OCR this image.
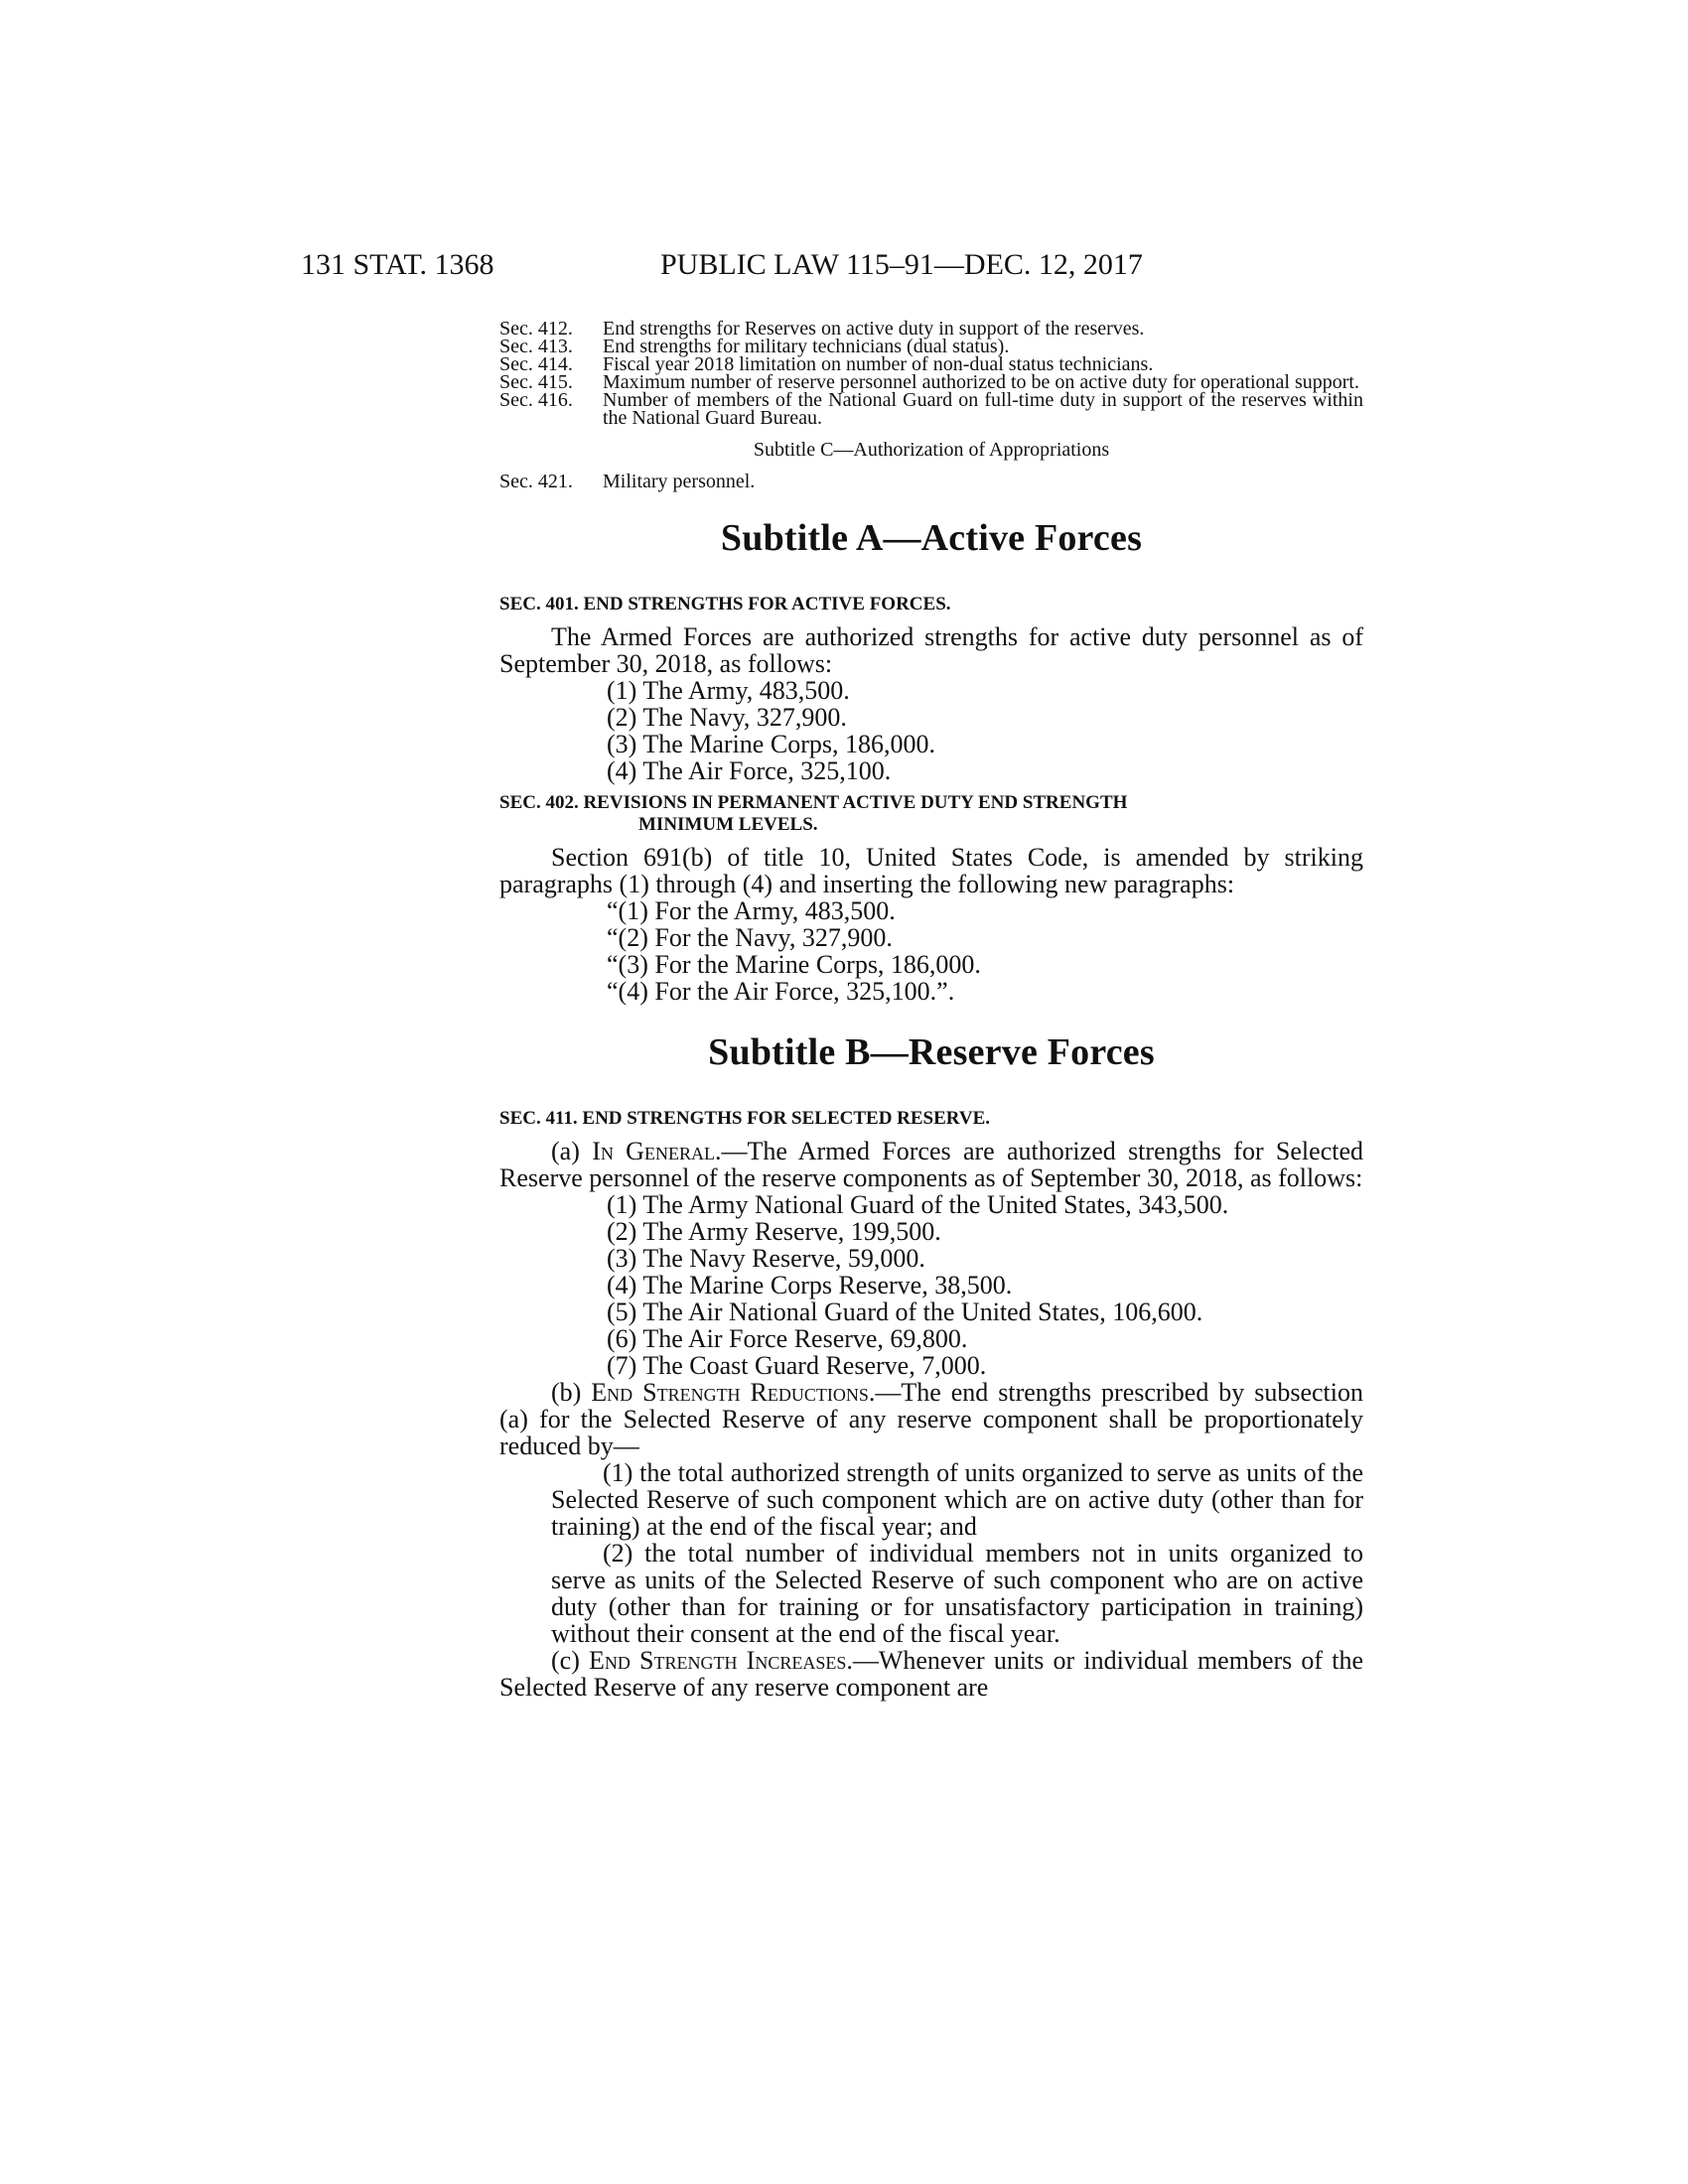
131 STAT. 1368	PUBLIC LAW 115–91—DEC. 12, 2017
Sec. 412.	End strengths for Reserves on active duty in support of the reserves.
Sec. 413.	End strengths for military technicians (dual status).
Sec. 414.	Fiscal year 2018 limitation on number of non-dual status technicians.
Sec. 415.	Maximum number of reserve personnel authorized to be on active duty for operational support.
Sec. 416.	Number of members of the National Guard on full-time duty in support of the reserves within the National Guard Bureau.
Subtitle C—Authorization of Appropriations
Sec. 421.	Military personnel.
Subtitle A—Active Forces
SEC. 401. END STRENGTHS FOR ACTIVE FORCES.
The Armed Forces are authorized strengths for active duty personnel as of September 30, 2018, as follows:
(1) The Army, 483,500.
(2) The Navy, 327,900.
(3) The Marine Corps, 186,000.
(4) The Air Force, 325,100.
SEC. 402. REVISIONS IN PERMANENT ACTIVE DUTY END STRENGTH
MINIMUM LEVELS.
Section 691(b) of title 10, United States Code, is amended by striking paragraphs (1) through (4) and inserting the following new paragraphs:
“(1) For the Army, 483,500.
“(2) For the Navy, 327,900.
“(3) For the Marine Corps, 186,000.
“(4) For the Air Force, 325,100.”.
Subtitle B—Reserve Forces
SEC. 411. END STRENGTHS FOR SELECTED RESERVE.
(a) In General.—The Armed Forces are authorized strengths for Selected Reserve personnel of the reserve components as of September 30, 2018, as follows:
(1) The Army National Guard of the United States, 343,500.
(2) The Army Reserve, 199,500.
(3) The Navy Reserve, 59,000.
(4) The Marine Corps Reserve, 38,500.
(5) The Air National Guard of the United States, 106,600.
(6) The Air Force Reserve, 69,800.
(7) The Coast Guard Reserve, 7,000.
(b) End Strength Reductions.—The end strengths prescribed by subsection (a) for the Selected Reserve of any reserve component shall be proportionately reduced by—
(1) the total authorized strength of units organized to serve as units of the Selected Reserve of such component which are on active duty (other than for training) at the end of the fiscal year; and
(2) the total number of individual members not in units organized to serve as units of the Selected Reserve of such component who are on active duty (other than for training or for unsatisfactory participation in training) without their consent at the end of the fiscal year.
(c) End Strength Increases.—Whenever units or individual members of the Selected Reserve of any reserve component are
